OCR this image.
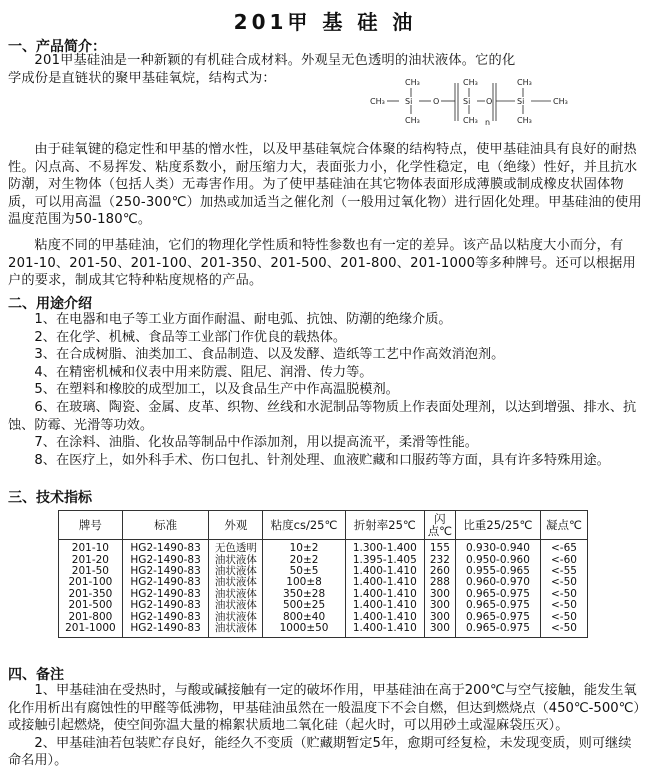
201甲 基 硅 油
一、产品简介：

201甲基硅油是一种新颖的有机硅合成材料。外观呈无色透明的油状液体。它的化
学成份是直链状的聚甲基硅氧烷，结构式为：

CH₃
CH₃
Si
CH₃
O
CH₃
Si
CH₃
O
n
CH₃
Si
CH₃
CH₃

由于硅氧键的稳定性和甲基的憎水性，以及甲基硅氧烷合体聚的结构特点，使甲基硅油具有良好的耐热性。闪点高、不易挥发、粘度系数小，耐压缩力大，表面张力小，化学性稳定，电（绝缘）性好，并且抗水防潮，对生物体（包括人类）无毒害作用。为了使甲基硅油在其它物体表面形成薄膜或制成橡皮状固体物质，可以用高温（250-300℃）加热或加适当之催化剂（一般用过氧化物）进行固化处理。甲基硅油的使用温度范围为50-180℃。

粘度不同的甲基硅油，它们的物理化学性质和特性参数也有一定的差异。该产品以粘度大小而分，有201-10、201-50、201-100、201-350、201-500、201-800、201-1000等多种牌号。还可以根据用户的要求，制成其它特种粘度规格的产品。

二、用途介绍
1、在电器和电子等工业方面作耐温、耐电弧、抗蚀、防潮的绝缘介质。
2、在化学、机械、食品等工业部门作优良的载热体。
3、在合成树脂、油类加工、食品制造、以及发酵、造纸等工艺中作高效消泡剂。
4、在精密机械和仪表中用来防震、阻尼、润滑、传力等。
5、在塑料和橡胶的成型加工，以及食品生产中作高温脱模剂。
6、在玻璃、陶瓷、金属、皮革、织物、丝线和水泥制品等物质上作表面处理剂，以达到增强、排水、抗蚀、防霉、光滑等功效。
7、在涂料、油脂、化妆品等制品中作添加剂，用以提高流平，柔滑等性能。
8、在医疗上，如外科手术、伤口包扎、针剂处理、血液贮藏和口服药等方面，具有许多特殊用途。
三、技术指标
牌号	标准	外观	粘度cs/25℃	折射率25℃	闪点℃	比重25/25℃	凝点℃
201-10	HG2-1490-83	无色透明	10±2	1.300-1.400	155	0.930-0.940	<-65
201-20	HG2-1490-83	油状液体	20±2	1.395-1.405	232	0.950-0.960	<-60
201-50	HG2-1490-83	油状液体	50±5	1.400-1.410	260	0.955-0.965	<-55
201-100	HG2-1490-83	油状液体	100±8	1.400-1.410	288	0.960-0.970	<-50
201-350	HG2-1490-83	油状液体	350±28	1.400-1.410	300	0.965-0.975	<-50
201-500	HG2-1490-83	油状液体	500±25	1.400-1.410	300	0.965-0.975	<-50
201-800	HG2-1490-83	油状液体	800±40	1.400-1.410	300	0.965-0.975	<-50
201-1000	HG2-1490-83	油状液体	1000±50	1.400-1.410	300	0.965-0.975	<-50
四、备注
1、甲基硅油在受热时，与酸或碱接触有一定的破坏作用，甲基硅油在高于200℃与空气接触，能发生氧化作用析出有腐蚀性的甲醛等低沸物，甲基硅油虽然在一般温度下不会自燃，但达到燃烧点（450℃-500℃）或接触引起燃烧，使空间弥温大量的棉絮状质地二氧化硅（起火时，可以用砂土或湿麻袋压灭）。
2、甲基硅油若包装贮存良好，能经久不变质（贮藏期暂定5年，愈期可经复检，未发现变质，则可继续命名用）。
